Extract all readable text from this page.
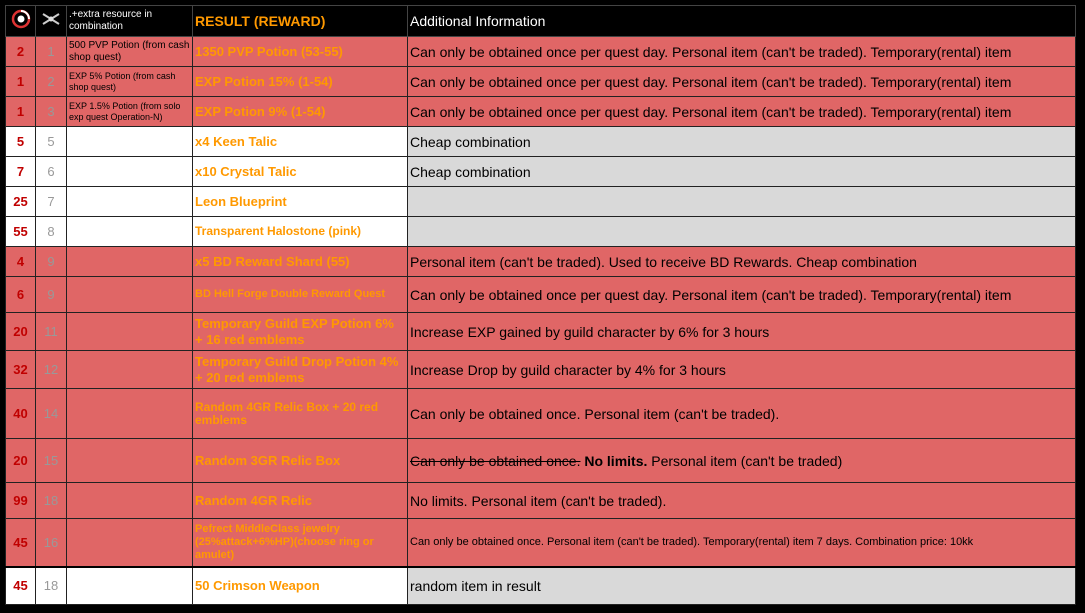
		.+extra resource in combination	RESULT (REWARD)	Additional Information
2	1	500 PVP Potion (from cash shop quest)	1350 PVP Potion (53-55)	Can only be obtained once per quest day. Personal item (can't be traded). Temporary(rental) item
1	2	EXP 5% Potion (from cash shop quest)	EXP Potion 15% (1-54)	Can only be obtained once per quest day. Personal item (can't be traded). Temporary(rental) item
1	3	EXP 1.5% Potion (from solo exp quest Operation-N)	EXP Potion 9% (1-54)	Can only be obtained once per quest day. Personal item (can't be traded). Temporary(rental) item
5	5		x4 Keen Talic	Cheap combination
7	6		x10 Crystal Talic	Cheap combination
25	7		Leon Blueprint	
55	8		Transparent Halostone (pink)	
4	9		x5 BD Reward Shard (55)	Personal item (can't be traded). Used to receive BD Rewards. Cheap combination
6	9		BD Hell Forge Double Reward Quest	Can only be obtained once per quest day. Personal item (can't be traded). Temporary(rental) item
20	11		Temporary Guild EXP Potion 6% + 16 red emblems	Increase EXP gained by guild character by 6% for 3 hours
32	12		Temporary Guild Drop Potion 4% + 20 red emblems	Increase Drop by guild character by 4% for 3 hours
40	14		Random 4GR Relic Box + 20 red emblems	Can only be obtained once. Personal item (can't be traded).
20	15		Random 3GR Relic Box	Can only be obtained once. No limits. Personal item (can't be traded)
99	18		Random 4GR Relic	No limits. Personal item (can't be traded).
45	16		Pefrect MiddleClass jewelry (25%attack+6%HP)(choose ring or amulet)	Can only be obtained once. Personal item (can't be traded). Temporary(rental) item 7 days. Combination price: 10kk
45	18		50 Crimson Weapon	random item in result
